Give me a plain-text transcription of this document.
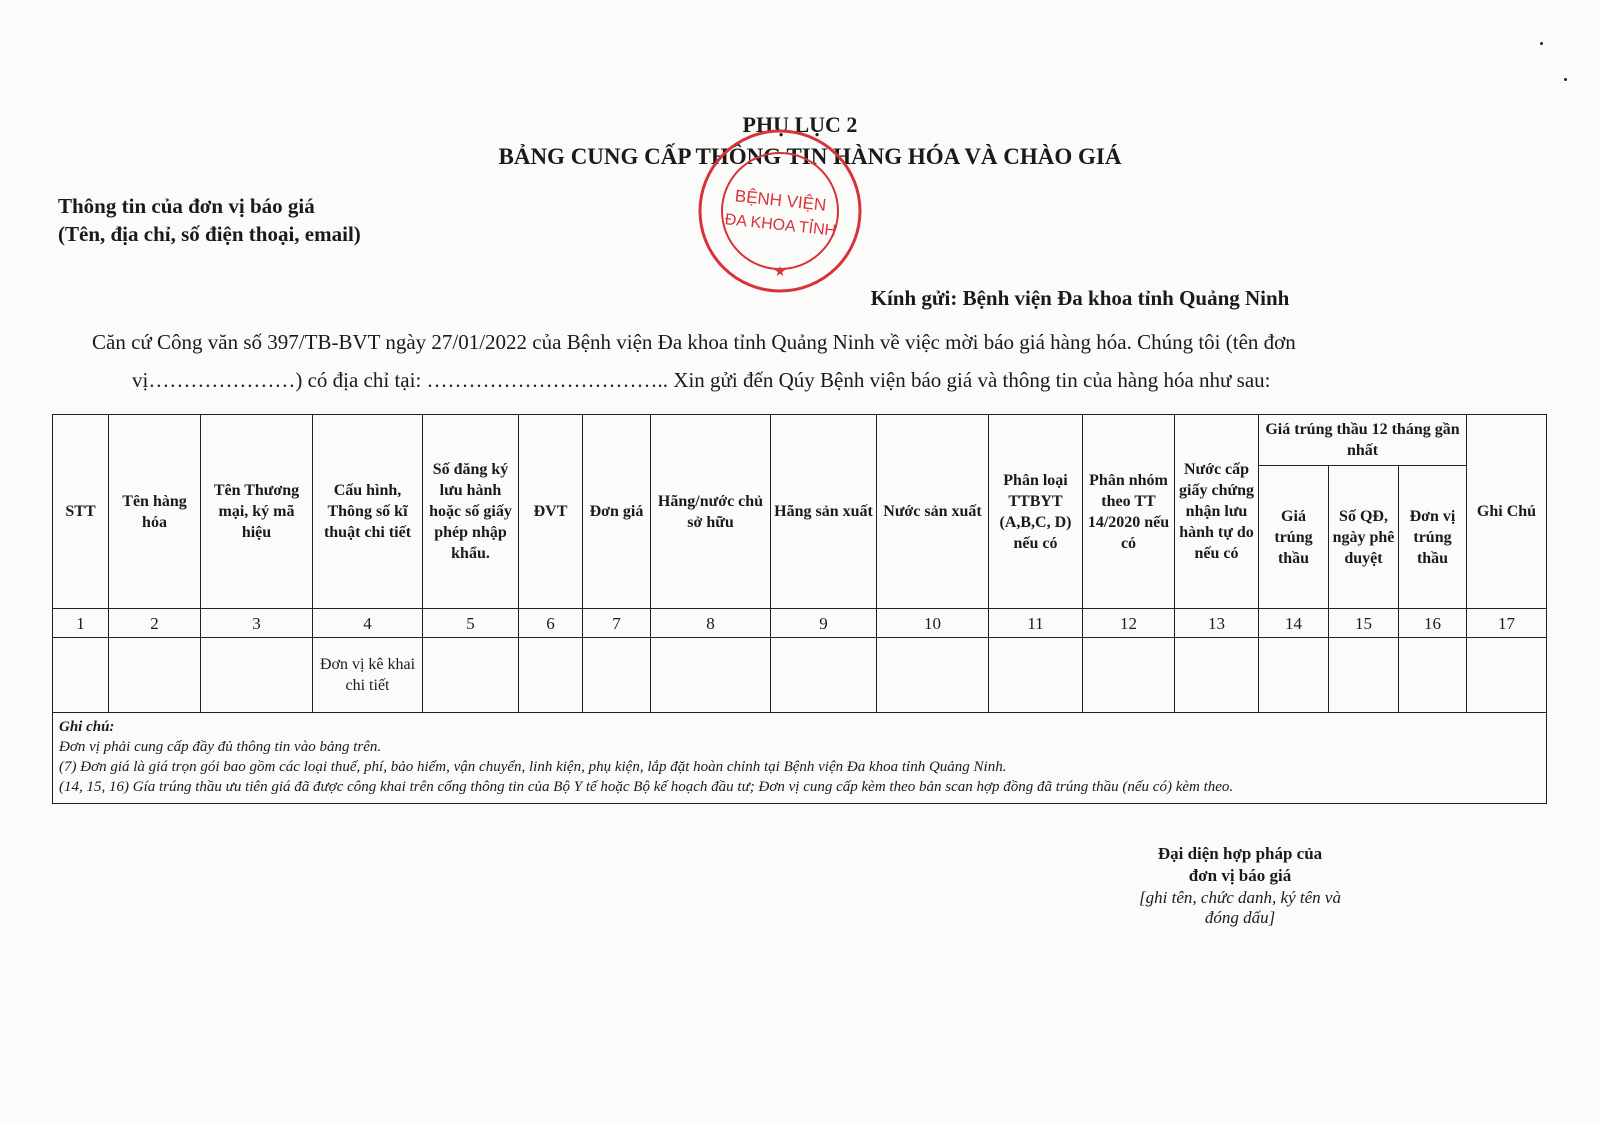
PHỤ LỤC 2
BẢNG CUNG CẤP THÔNG TIN HÀNG HÓA VÀ CHÀO GIÁ
BỆNH VIỆN
ĐA KHOA TỈNH
★
Thông tin của đơn vị báo giá
(Tên, địa chỉ, số điện thoại, email)
Kính gửi: Bệnh viện Đa khoa tỉnh Quảng Ninh
Căn cứ Công văn số 397/TB-BVT ngày 27/01/2022 của Bệnh viện Đa khoa tỉnh Quảng Ninh về việc mời báo giá hàng hóa. Chúng tôi (tên đơn
vị…………………) có địa chỉ tại: …………………………….. Xin gửi đến Qúy Bệnh viện báo giá và thông tin của hàng hóa như sau:
STT	Tên hàng hóa	Tên Thương mại, ký mã hiệu	Cấu hình, Thông số kĩ thuật chi tiết	Số đăng ký lưu hành hoặc số giấy phép nhập khẩu.	ĐVT	Đơn giá	Hãng/nước chủ sở hữu	Hãng sản xuất	Nước sản xuất	Phân loại TTBYT (A,B,C, D) nếu có	Phân nhóm theo TT 14/2020 nếu có	Nước cấp giấy chứng nhận lưu hành tự do nếu có	Giá trúng thầu 12 tháng gần nhất			Ghi Chú
													Giá trúng thầu	Số QĐ, ngày phê duyệt	Đơn vị trúng thầu	
1	2	3	4	5	6	7	8	9	10	11	12	13	14	15	16	17
			Đơn vị kê khai chi tiết													

Ghi chú:
Đơn vị phải cung cấp đầy đủ thông tin vào bảng trên.
(7) Đơn giá là giá trọn gói bao gồm các loại thuế, phí, bảo hiểm, vận chuyển, linh kiện, phụ kiện, lắp đặt hoàn chỉnh tại Bệnh viện Đa khoa tỉnh Quảng Ninh.
(14, 15, 16) Gía trúng thầu ưu tiên giá đã được công khai trên cổng thông tin của Bộ Y tế hoặc Bộ kế hoạch đầu tư; Đơn vị cung cấp kèm theo bản scan hợp đồng đã trúng thầu (nếu có) kèm theo.																
Đại diện hợp pháp của
đơn vị báo giá
[ghi tên, chức danh, ký tên và
đóng dấu]
